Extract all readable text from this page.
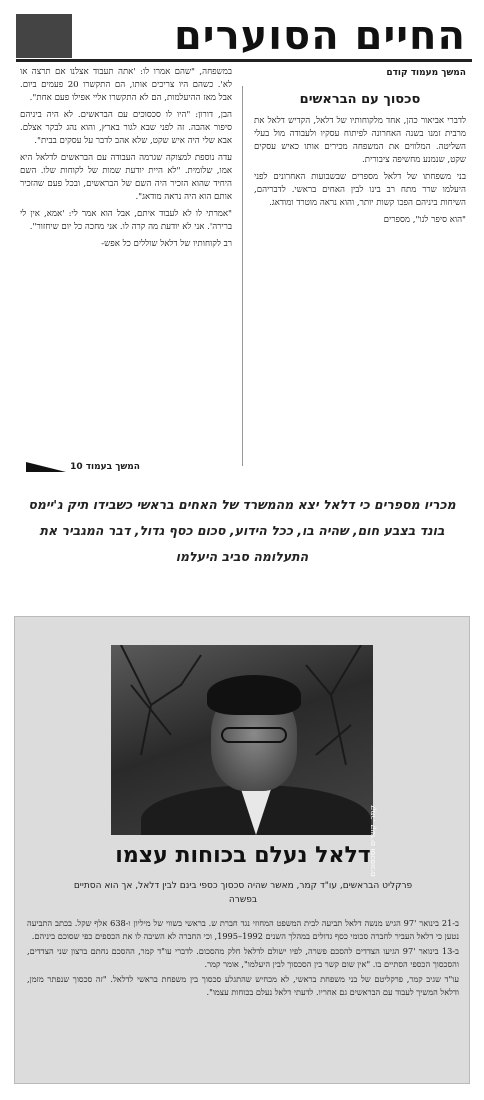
החיים הסוערים
המשך מעמוד קודם
סכסוך עם הבראשים

לדברי אביאור כהן, אחד מלקוחותיו של דלאל, הקדיש דלאל את מרבית זמנו בשנה האחרונה לפיתוח עסקיו ולעבודה מול בעלי השליטה. המלווים את המשפחה מכירים אותו כאיש עסקים שקט, שנמנע מחשיפה ציבורית.

בני משפחתו של דלאל מספרים שבשבועות האחרונים לפני היעלמו שרר מתח רב בינו לבין האחים בראשי. לדבריהם, השיחות ביניהם הפכו קשות יותר, והוא נראה מוטרד ומודאג.

"הוא סיפר לנו", מספרים

במשפחה, "שהם אמרו לו: 'אתה תעבוד אצלנו אם תרצה או לא'. כשהם היו צריכים אותו, הם התקשרו 20 פעמים ביום. אבל מאז ההיעלמות, הם לא התקשרו אליי אפילו פעם אחת".

הבן, דורון: "היו לו סכסוכים עם הבראשים. לא היה ביניהם סיפור אהבה. זה לפני שבא לגור בארץ, והוא נהג לבקר אצלם. אבא שלי היה איש שקט, שלא אהב לדבר על עסקים בבית".

עדה נוספת למצוקה שגרמה העבודה עם הבראשים לדלאל היא אמו, שלומית. "לא היית יודעת שמות של לקוחות שלו. השם היחיד שהוא הזכיר היה השם של הבראשים, ובכל פעם שהזכיר אותם הוא היה נראה מודאג".

"אמרתי לו לא לעבוד איתם, אבל הוא אמר לי: 'אמא, אין לי ברירה'. אני לא יודעת מה קרה לו. אני מחכה כל יום שיחזור".

רב לקוחותיו של דלאל שוללים כל אפש-

המשך בעמוד 10
מכריו מספרים כי דלאל יצא מהמשרד של האחים בראשי כשבידו תיק ג'יימס בונד בצבע חום, שהיה בו, ככל הידוע, סכום כסף גדול, דבר המגביר את התעלומה סביב היעלמו
קמר. קשרים וסכסוכים
דלאל נעלם בכוחות עצמו
פרקליט הבראשים, עו"ד קמר, מאשר שהיה סכסוך כספי בינם לבין דלאל, אך הוא הסתיים בפשרה

ב-21 בינואר '97 הגיש מנשה דלאל תביעה לבית המשפט המחוזי נגד חברת ש. בראשי בשווי של מיליון ו-638 אלף שקל. בכתב התביעה נטען כי דלאל העביר לחברה סכומי כסף גדולים במהלך השנים 1992–1995, וכי החברה לא השיבה לו את הכספים כפי שסוכם ביניהם.

ב-13 בינואר '97 הגיעו הצדדים להסכם פשרה, לפיו ישולם לדלאל חלק מהסכום. לדברי עו"ד קמר, ההסכם נחתם ברצון שני הצדדים, והסכסוך הכספי הסתיים בו. "אין שום קשר בין הסכסוך לבין היעלמו", אומר קמר.

עו"ד שגיב קמר, פרקליטם של בני משפחת בראשי, לא מכחיש שהתגלע סכסוך בין משפחת בראשי לדלאל. "זה סכסוך שנפתר מזמן, ודלאל המשיך לעבוד עם הבראשים גם אחריו. לדעתי דלאל נעלם בכוחות עצמו".
